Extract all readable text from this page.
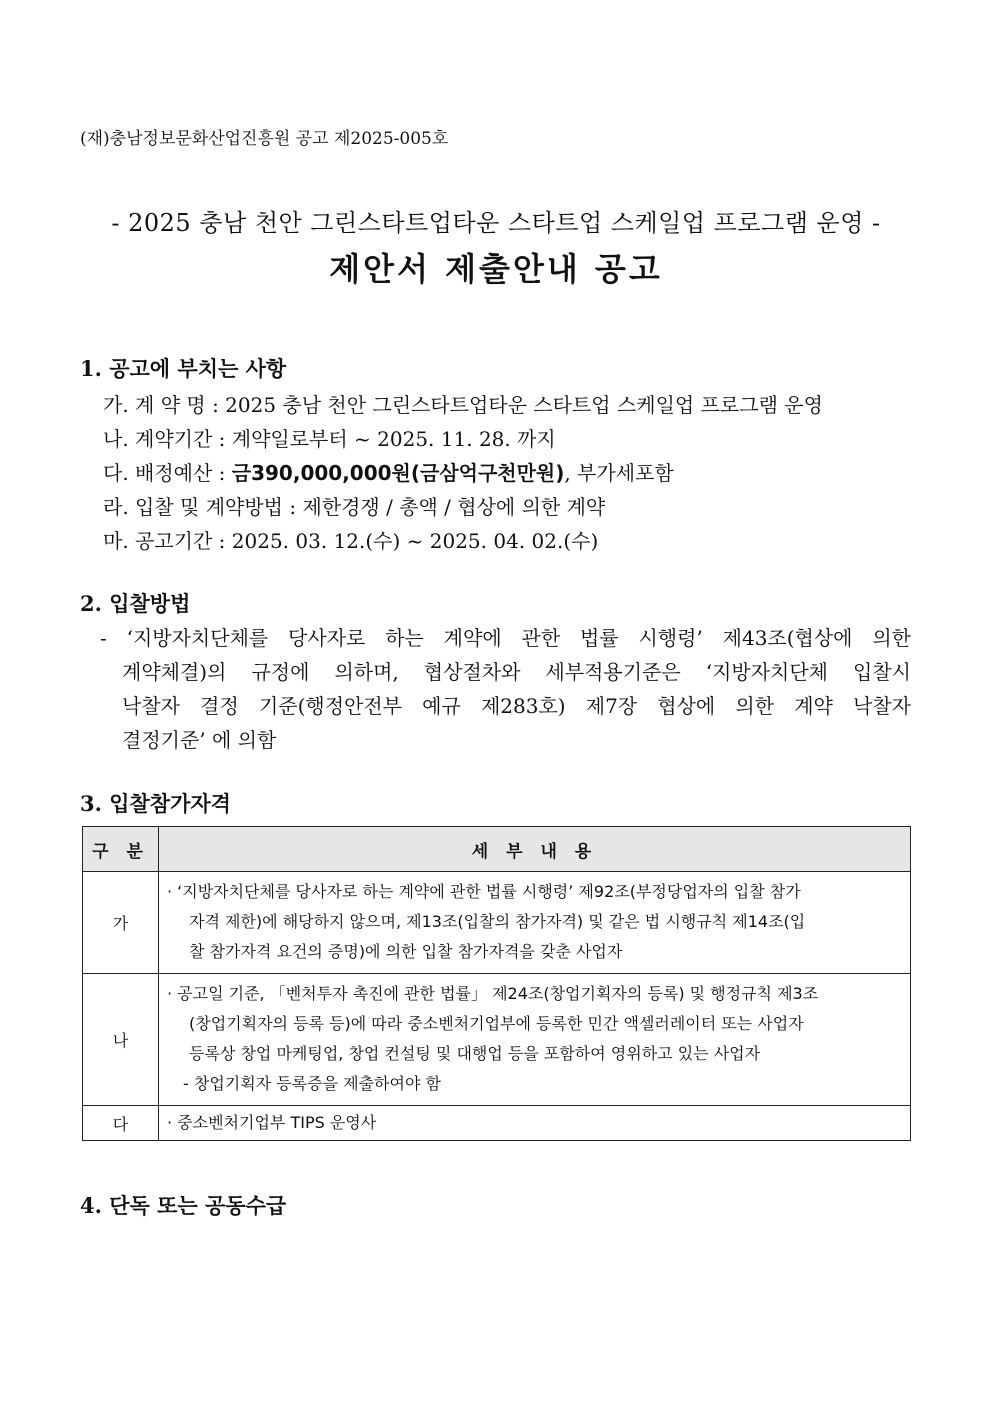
(재)충남정보문화산업진흥원 공고 제2025-005호
- 2025 충남 천안 그린스타트업타운 스타트업 스케일업 프로그램 운영 -
제안서 제출안내 공고
1. 공고에 부치는 사항
가. 계 약 명 : 2025 충남 천안 그린스타트업타운 스타트업 스케일업 프로그램 운영
나. 계약기간 : 계약일로부터 ~ 2025. 11. 28. 까지
다. 배정예산 : 금390,000,000원(금삼억구천만원), 부가세포함
라. 입찰 및 계약방법 : 제한경쟁 / 총액 / 협상에 의한 계약
마. 공고기간 : 2025. 03. 12.(수) ~ 2025. 04. 02.(수)
2. 입찰방법
- ‘지방자치단체를 당사자로 하는 계약에 관한 법률 시행령’ 제43조(협상에 의한
계약체결)의 규정에 의하며, 협상절차와 세부적용기준은 ‘지방자치단체 입찰시
낙찰자 결정 기준(행정안전부 예규 제283호) 제7장 협상에 의한 계약 낙찰자
결정기준’ 에 의함
3. 입찰참가자격
구 분	세 부 내 용
가	· ‘지방자치단체를 당사자로 하는 계약에 관한 법률 시행령’ 제92조(부정당업자의 입찰 참가
자격 제한)에 해당하지 않으며, 제13조(입찰의 참가자격) 및 같은 법 시행규칙 제14조(입
찰 참가자격 요건의 증명)에 의한 입찰 참가자격을 갖춘 사업자

나	· 공고일 기준, 「벤처투자 촉진에 관한 법률」 제24조(창업기획자의 등록) 및 행정규칙 제3조
(창업기획자의 등록 등)에 따라 중소벤처기업부에 등록한 민간 액셀러레이터 또는 사업자
등록상 창업 마케팅업, 창업 컨설팅 및 대행업 등을 포함하여 영위하고 있는 사업자
- 창업기획자 등록증을 제출하여야 함

다	· 중소벤처기업부 TIPS 운영사
4. 단독 또는 공동수급
